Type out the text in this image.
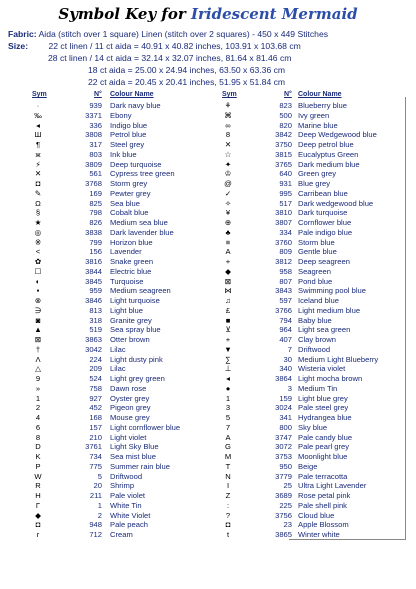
Symbol Key for Iridescent Mermaid
Fabric: Aida (stitch over 1 square) Linen (stitch over 2 squares) - 450 x 449 Stitches
Size: 22 ct linen / 11 ct aida = 40.91 x 40.82 inches, 103.91 x 103.68 cm
28 ct linen / 14 ct aida = 32.14 x 32.07 inches, 81.64 x 81.46 cm
18 ct aida = 25.00 x 24.94 inches, 63.50 x 63.36 cm
22 ct aida = 20.45 x 20.41 inches, 51.95 x 51.84 cm
Sym	N° Colour Name	Sym	N° Colour Name
·	939 Dark navy blue
‰	3371 Ebony
◂	336 Indigo blue
Ш	3808 Petrol blue
¶	317 Steel grey
ж	803 Ink blue
⚡	3809 Deep turquoise
✕	561 Cypress tree green
◘	3768 Storm grey
✎	169 Pewter grey
Ω	825 Sea blue
§	798 Cobalt blue
★	826 Medium sea blue
◎	3838 Dark lavender blue
※	799 Horizon blue
<	156 Lavender
✿	3816 Snake green
☐	3844 Electric blue
◐	3845 Turquoise
▪	959 Medium seagreen
⊗	3846 Light turquoise
∋	813 Light blue
◙	318 Granite grey
▲	519 Sea spray blue
⊠	3863 Otter brown
†	3042 Lilac
Λ	224 Light dusty pink
△	209 Lilac
9	524 Light grey green
»	758 Dawn rose
1	927 Oyster grey
2	452 Pigeon grey
4	168 Mouse grey
6	157 Light cornflower blue
8	210 Light violet
D	3761 Light Sky Blue
K	734 Sea mist blue
P	775 Summer rain blue
W	5 Driftwood
R	20 Shrimp
H	211 Pale violet
Γ	1 White Tin
◆	2 White Violet
◘	948 Pale peach
r	712 Cream
⚘	823 Blueberry blue
⌘	500 Ivy green
∞	820 Marine blue
8	3842 Deep Wedgewood blue
✕	3750 Deep petrol blue
☆	3815 Eucalyptus Green
✦	3765 Dark medium blue
♔	640 Green grey
@	931 Blue grey
✓	995 Carribean blue
✧	517 Dark wedgewood blue
¥	3810 Dark turquoise
⊕	3807 Cornflower blue
♣	334 Pale indigo blue
≡	3760 Storm blue
A	809 Gentle blue
+	3812 Deep seagreen
◆	958 Seagreen
⊠	807 Pond blue
⋈	3843 Swimming pool blue
♫	597 Iceland blue
£	3766 Light medium blue
■	794 Baby blue
⊻	964 Light sea green
+	407 Clay brown
▼	7 Driftwood
∑	30 Medium Light Blueberry
⊥	340 Wisteria violet
◂	3864 Light mocha brown
●	3 Medium Tin
1	159 Light blue grey
3	3024 Pale steel grey
5	341 Hydrangea blue
7	800 Sky blue
A	3747 Pale candy blue
G	3072 Pale pearl grey
M	3753 Moonlight blue
T	950 Beige
N	3779 Pale terracotta
I	25 Ultra Light Lavender
Z	3689 Rose petal pink
:	225 Pale shell pink
?	3756 Cloud blue
◘	23 Apple Blossom
t	3865 Winter white
